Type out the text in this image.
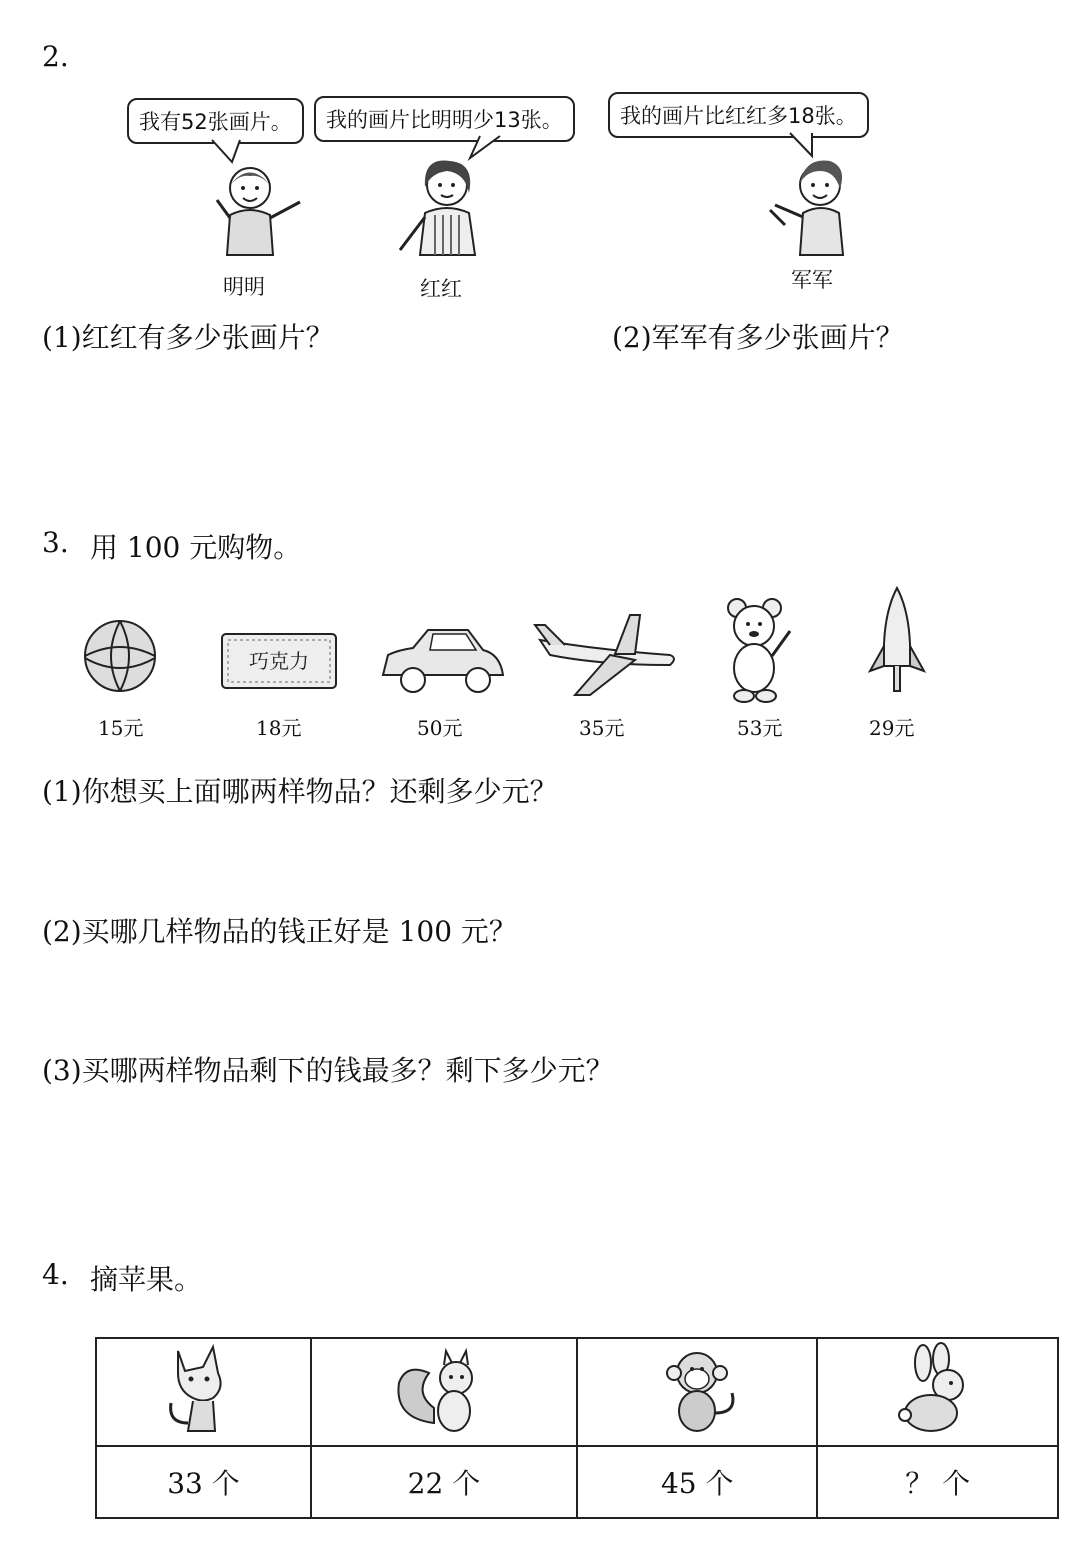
2.
我有52张画片。	我的画片比明明少13张。	我的画片比红红多18张。
明明	红红	军军
(1)红红有多少张画片？	(2)军军有多少张画片？
3. 用 100 元购物。
15元
巧克力
18元	50元	35元	53元	29元
(1)你想买上面哪两样物品？还剩多少元？
(2)买哪几样物品的钱正好是 100 元？
(3)买哪两样物品剩下的钱最多？剩下多少元？
4. 摘苹果。

33 个	22 个	45 个	？ 个
